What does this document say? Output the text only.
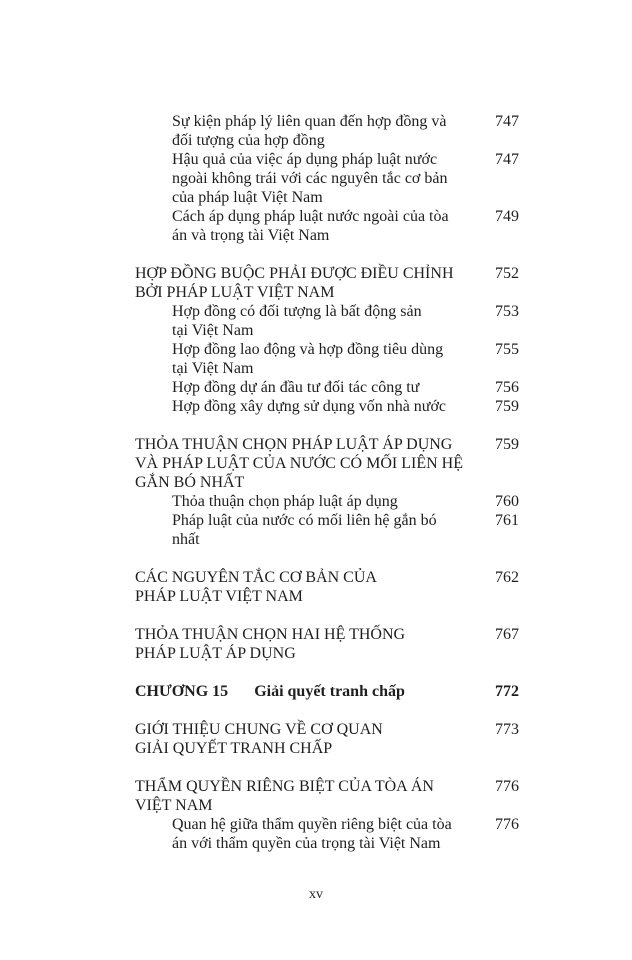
Sự kiện pháp lý liên quan đến hợp đồng và
đối tượng của hợp đồng
747
Hậu quả của việc áp dụng pháp luật nước
ngoài không trái với các nguyên tắc cơ bản
của pháp luật Việt Nam
747
Cách áp dụng pháp luật nước ngoài của tòa
án và trọng tài Việt Nam
749
HỢP ĐỒNG BUỘC PHẢI ĐƯỢC ĐIỀU CHỈNH
BỞI PHÁP LUẬT VIỆT NAM
752
Hợp đồng có đối tượng là bất động sản
tại Việt Nam
753
Hợp đồng lao động và hợp đồng tiêu dùng
tại Việt Nam
755
Hợp đồng dự án đầu tư đối tác công tư	756
Hợp đồng xây dựng sử dụng vốn nhà nước	759
THỎA THUẬN CHỌN PHÁP LUẬT ÁP DỤNG
VÀ PHÁP LUẬT CỦA NƯỚC CÓ MỐI LIÊN HỆ
GẮN BÓ NHẤT
759
Thỏa thuận chọn pháp luật áp dụng	760
Pháp luật của nước có mối liên hệ gắn bó
nhất
761
CÁC NGUYÊN TẮC CƠ BẢN CỦA
PHÁP LUẬT VIỆT NAM
762
THỎA THUẬN CHỌN HAI HỆ THỐNG
PHÁP LUẬT ÁP DỤNG
767
CHƯƠNG 15 Giải quyết tranh chấp	772
GIỚI THIỆU CHUNG VỀ CƠ QUAN
GIẢI QUYẾT TRANH CHẤP
773
THẨM QUYỀN RIÊNG BIỆT CỦA TÒA ÁN
VIỆT NAM
776
Quan hệ giữa thẩm quyền riêng biệt của tòa
án với thẩm quyền của trọng tài Việt Nam
776
xv
